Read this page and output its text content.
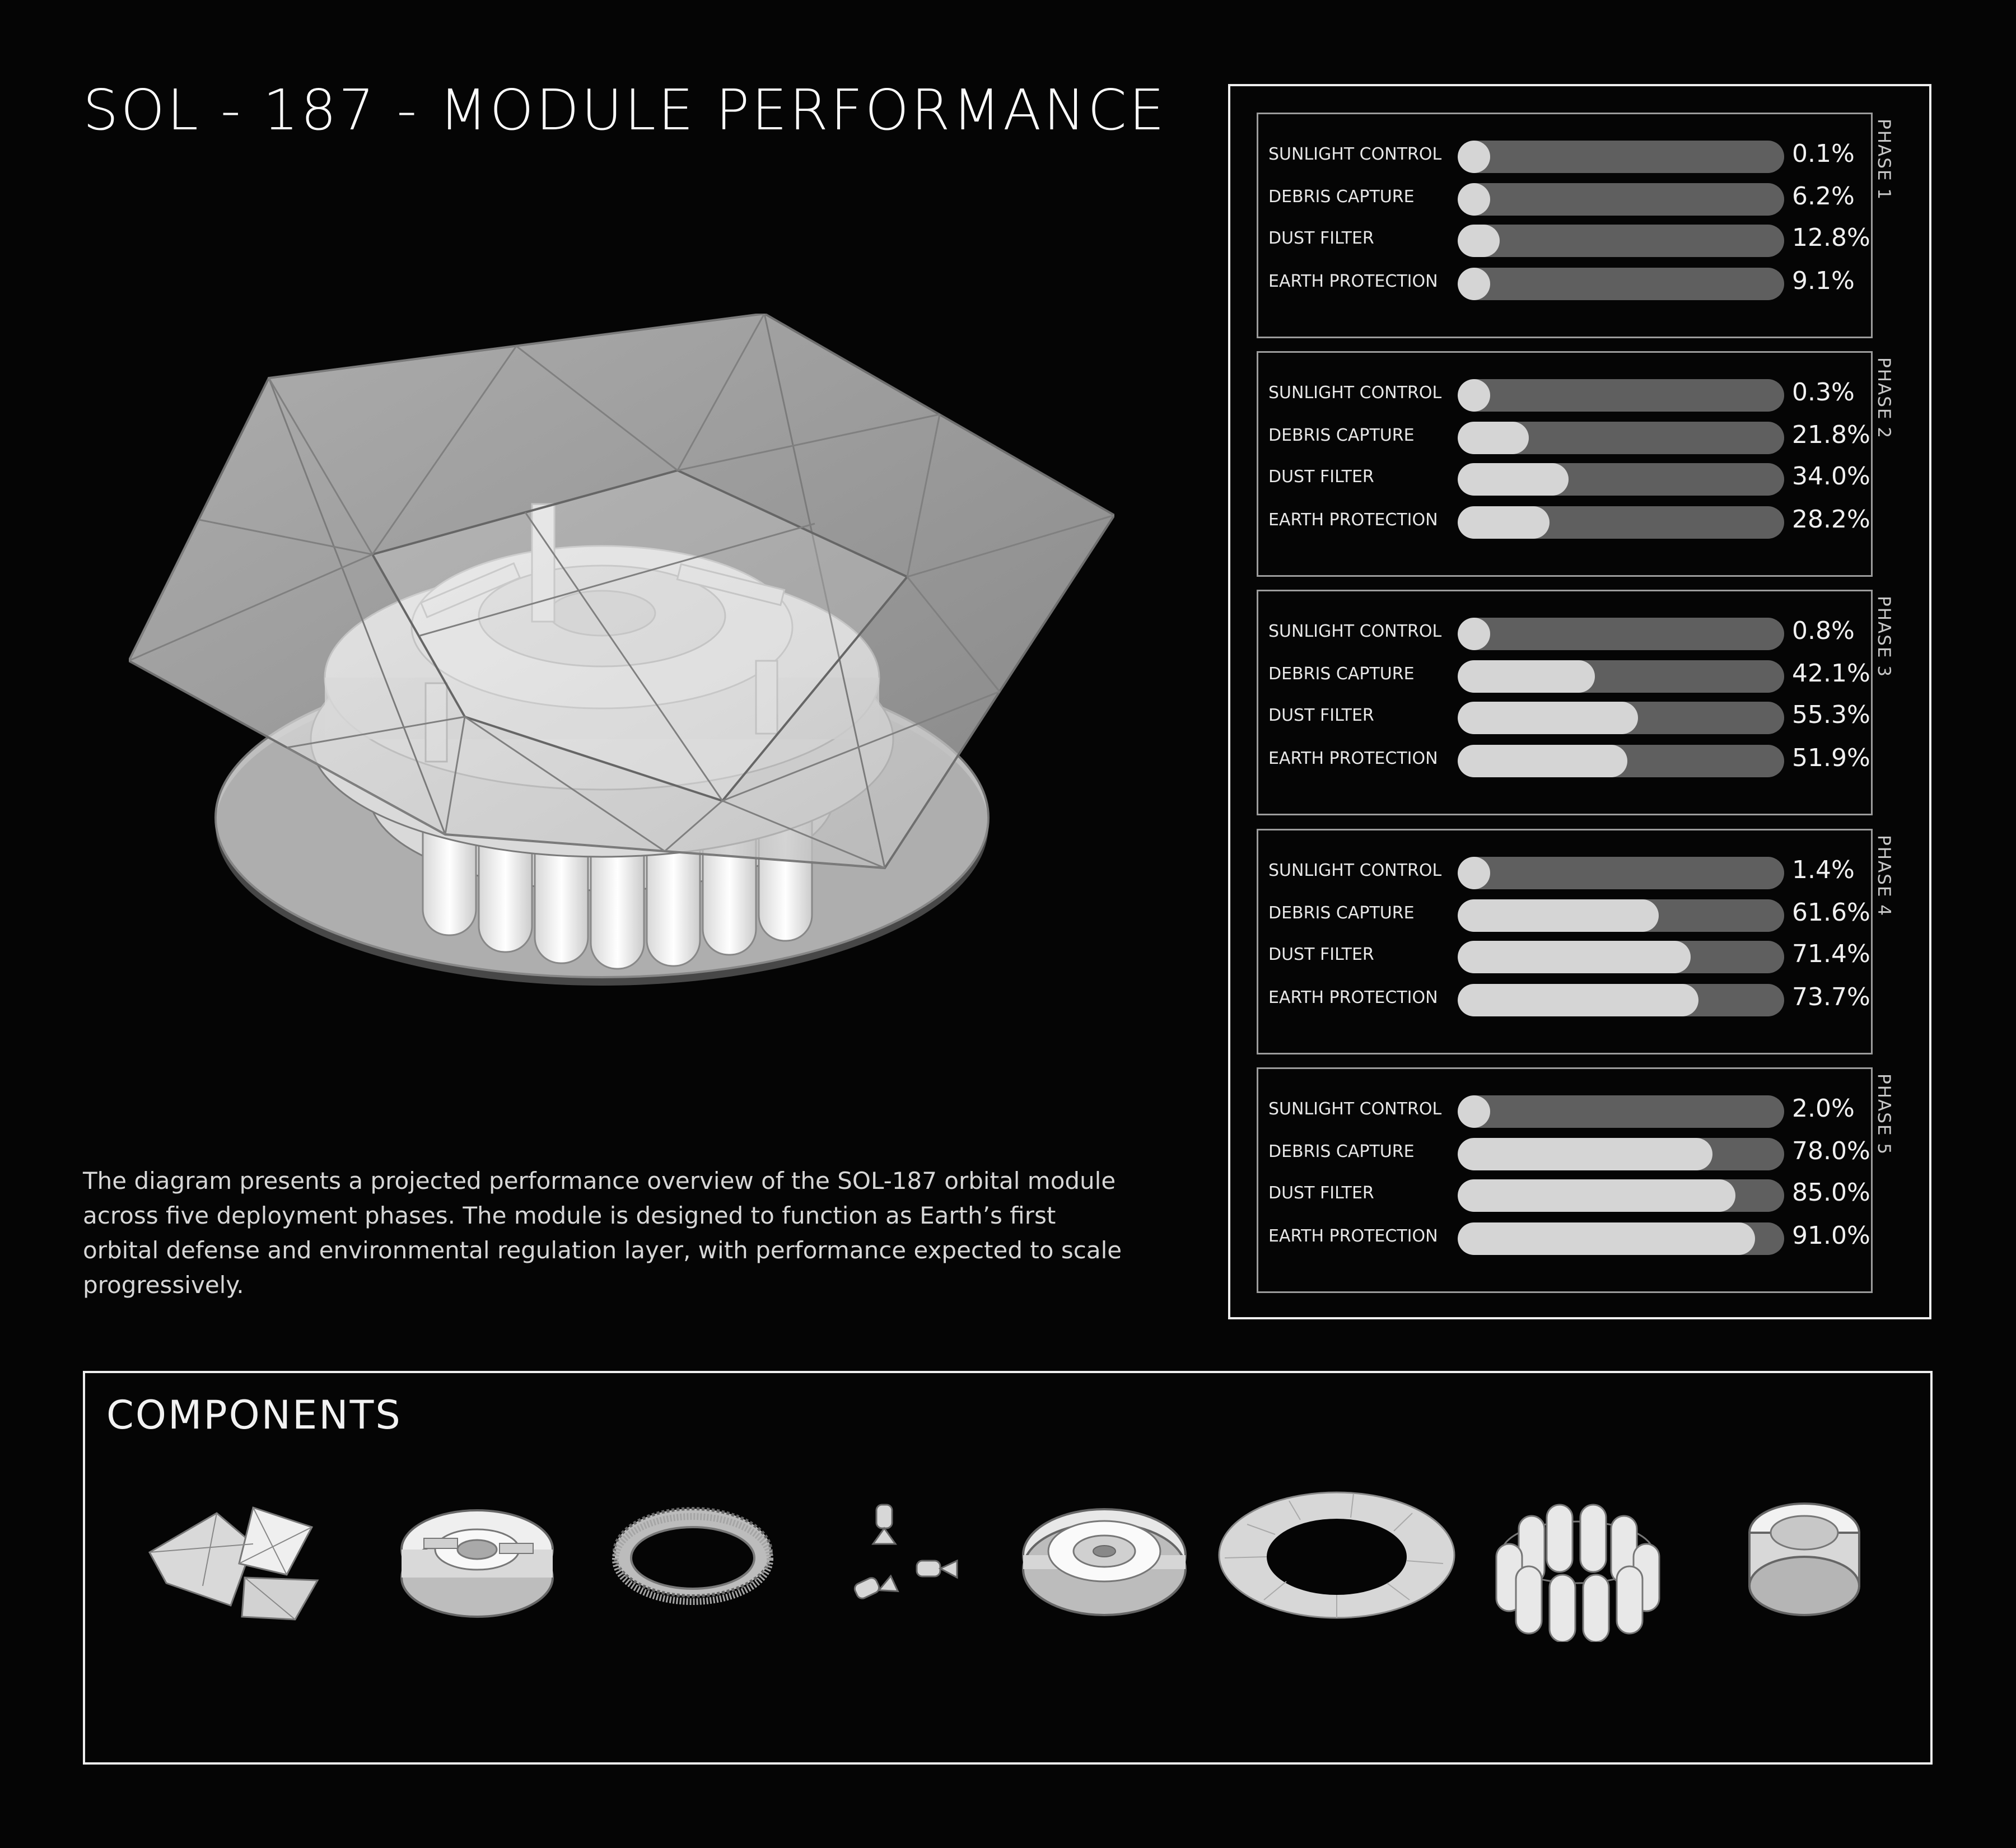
SOL - 187 - MODULE PERFORMANCE
The diagram presents a projected performance overview of the SOL-187 orbital module across five deployment phases. The module is designed to function as Earth’s first orbital defense and environmental regulation layer, with performance expected to scale progressively.
PHASE 1
SUNLIGHT CONTROL	0.1%
DEBRIS CAPTURE	6.2%
DUST FILTER	12.8%
EARTH PROTECTION	9.1%
PHASE 2
SUNLIGHT CONTROL	0.3%
DEBRIS CAPTURE	21.8%
DUST FILTER	34.0%
EARTH PROTECTION	28.2%
PHASE 3
SUNLIGHT CONTROL	0.8%
DEBRIS CAPTURE	42.1%
DUST FILTER	55.3%
EARTH PROTECTION	51.9%
PHASE 4
SUNLIGHT CONTROL	1.4%
DEBRIS CAPTURE	61.6%
DUST FILTER	71.4%
EARTH PROTECTION	73.7%
PHASE 5
SUNLIGHT CONTROL	2.0%
DEBRIS CAPTURE	78.0%
DUST FILTER	85.0%
EARTH PROTECTION	91.0%
COMPONENTS
